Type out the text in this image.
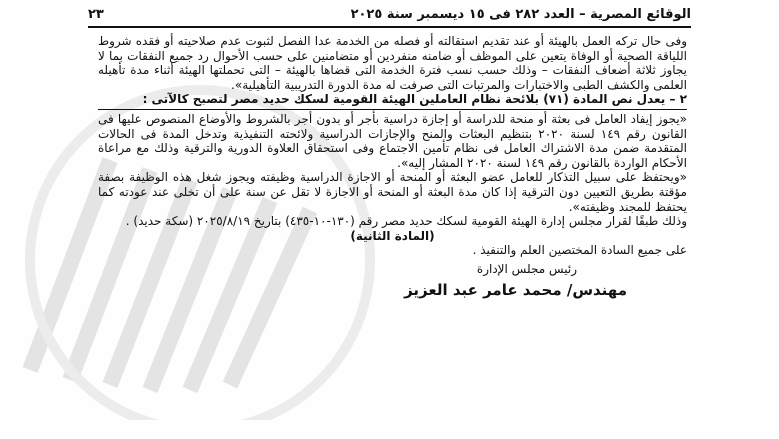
الوقائع المصرية – العدد ٢٨٢ فى ١٥ ديسمبر سنة ٢٠٢٥
٢٣

وفى حال تركه العمل بالهيئة أو عند تقديم استقالته أو فصله من الخدمة عدا الفصل لثبوت عدم صلاحيته أو فقده شروط اللياقة الصحية أو الوفاة يتعين على الموظف أو ضامنه منفردين أو متضامنين على حسب الأحوال رد جميع النفقات بما لا يجاوز ثلاثة أضعاف النفقات – وذلك حسب نسب فترة الخدمة التى قضاها بالهيئة – التى تحملتها الهيئة أثناء مدة تأهيله العلمى والكشف الطبى والاختبارات والمرتبات التى صرفت له مدة الدورة التدريبية التأهيلية».

٢ – يعدل نص المادة (٧١) بلائحة نظام العاملين الهيئة القومية لسكك حديد مصر لتصبح كالآتى :

«يجوز إيفاد العامل فى بعثة أو منحة للدراسة أو إجازة دراسية بأجر أو بدون أجر بالشروط والأوضاع المنصوص عليها فى القانون رقم ١٤٩ لسنة ٢٠٢٠ بتنظيم البعثات والمنح والإجازات الدراسية ولائحته التنفيذية وتدخل المدة فى الحالات المتقدمة ضمن مدة الاشتراك العامل فى نظام تأمين الاجتماع وفى استحقاق العلاوة الدورية والترقية وذلك مع مراعاة الأحكام الواردة بالقانون رقم ١٤٩ لسنة ٢٠٢٠ المشار إليه».

«ويحتفظ على سبيل التذكار للعامل عضو البعثة أو المنحة أو الاجازة الدراسية وظيفته ويجوز شغل هذه الوظيفة بصفة مؤقتة بطريق التعيين دون الترقية إذا كان مدة البعثة أو المنحة أو الاجازة لا تقل عن سنة على أن تخلى عند عودته كما يحتفظ للمجند وظيفته».

وذلك طبقًا لقرار مجلس إدارة الهيئة القومية لسكك حديد مصر رقم (١٣٠-١٠-٤٣٥) بتاريخ ٢٠٢٥/٨/١٩ (سكة حديد) .

(المادة الثانية)

على جميع السادة المختصين العلم والتنفيذ .

رئيس مجلس الإدارة
مهندس/ محمد عامر عبد العزيز
